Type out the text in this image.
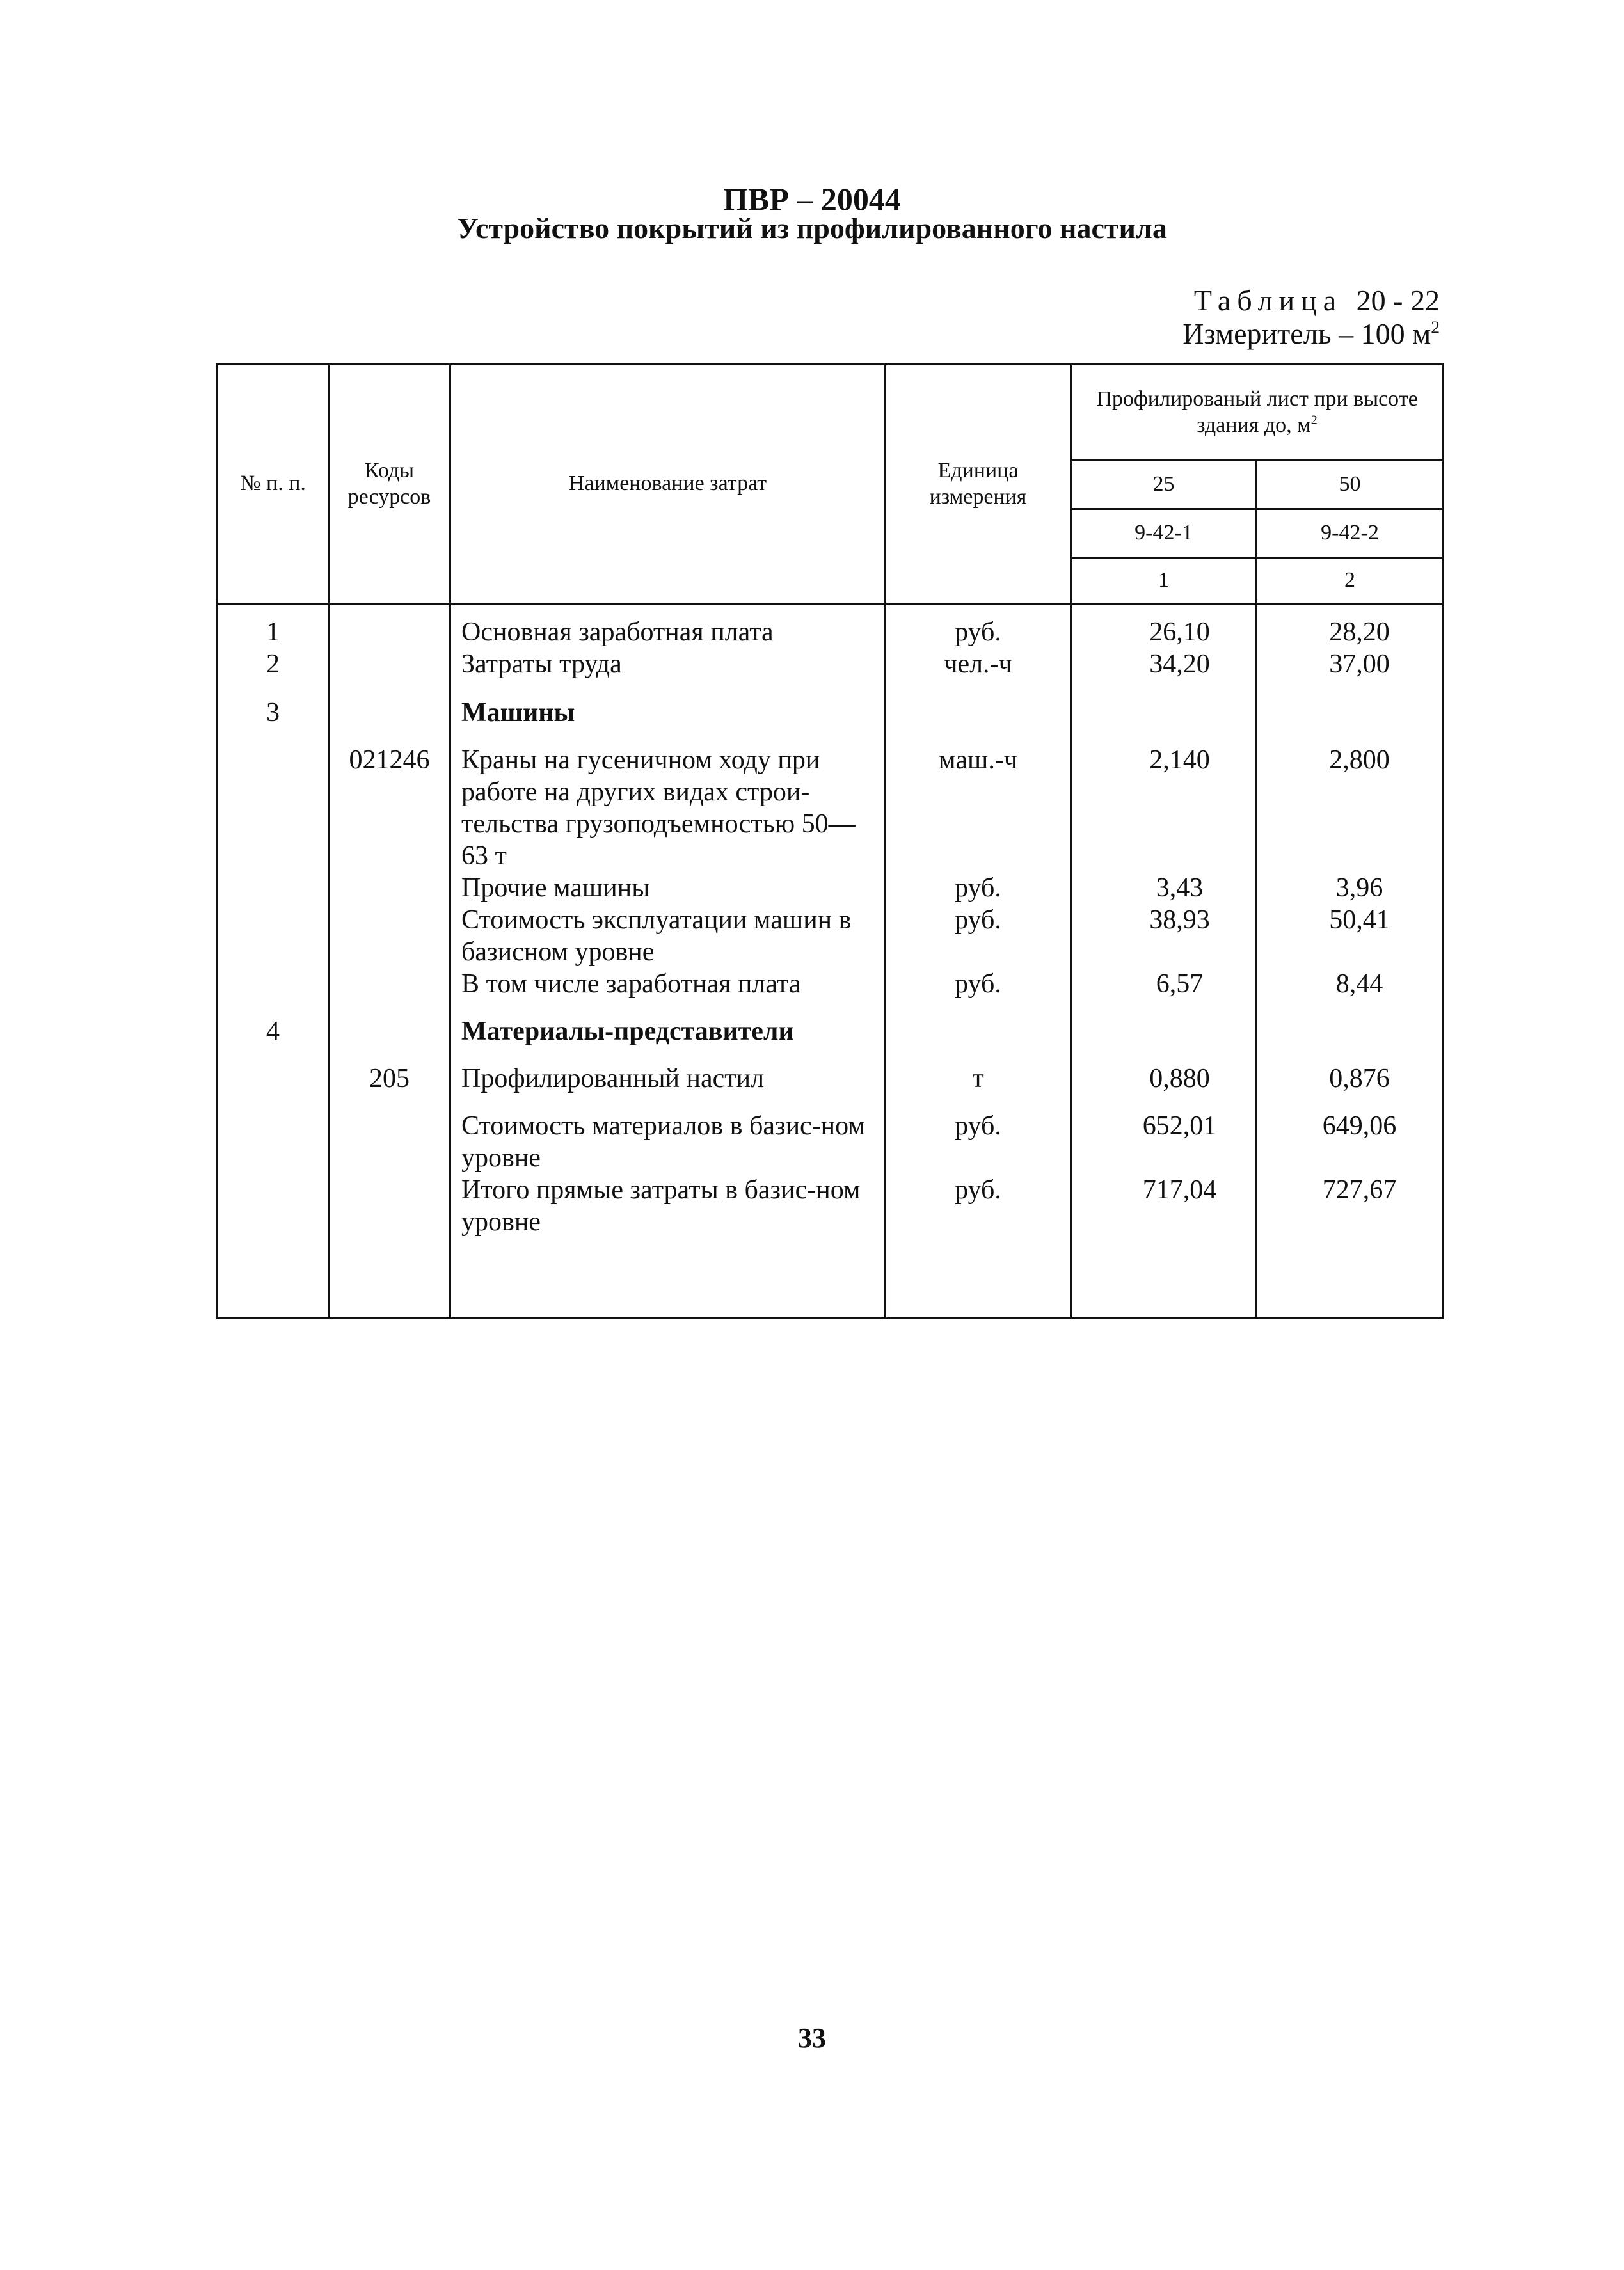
ПВР – 20044
Устройство покрытий из профилированного настила
Таблица 20 - 22
Измеритель – 100 $м^2$
№ п. п.	Коды ресурсов	Наименование затрат	Единица измерения	Профилированый лист при высоте здания до, $м^2$
				25	50
				9-42-1	9-42-2
				1	2
1		Основная заработная плата	руб.	26,10	28,20
2		Затраты труда	чел.-ч	34,20	37,00
3		Машины			
	021246	Краны на гусеничном ходу при работе на других видах строи-тельства грузоподъемностью 50—63 т	маш.-ч	2,140	2,800
		Прочие машины	руб.	3,43	3,96
		Стоимость эксплуатации машин в базисном уровне	руб.	38,93	50,41
		В том числе заработная плата	руб.	6,57	8,44
4		Материалы-представители			
	205	Профилированный настил	т	0,880	0,876
		Стоимость материалов в базис-ном уровне	руб.	652,01	649,06
		Итого прямые затраты в базис-ном уровне	руб.	717,04	727,67
33
